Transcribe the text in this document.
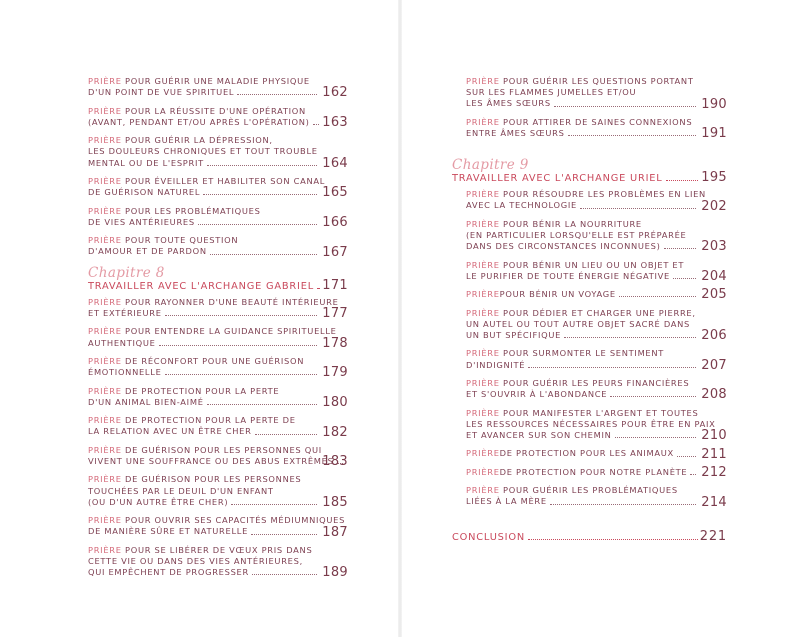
PRIÈRE POUR GUÉRIR UNE MALADIE PHYSIQUE
D'UN POINT DE VUE SPIRITUEL	162
PRIÈRE POUR LA RÉUSSITE D'UNE OPÉRATION
(AVANT, PENDANT ET/OU APRÈS L'OPÉRATION) 163
PRIÈRE POUR GUÉRIR LA DÉPRESSION,
LES DOULEURS CHRONIQUES ET TOUT TROUBLE
MENTAL OU DE L'ESPRIT	164
PRIÈRE POUR ÉVEILLER ET HABILITER SON CANAL
DE GUÉRISON NATUREL	165
PRIÈRE POUR LES PROBLÉMATIQUES
DE VIES ANTÉRIEURES	166
PRIÈRE POUR TOUTE QUESTION
D'AMOUR ET DE PARDON	167
Chapitre 8
TRAVAILLER AVEC L'ARCHANGE GABRIEL 171
PRIÈRE POUR RAYONNER D'UNE BEAUTÉ INTÉRIEURE
ET EXTÉRIEURE	177
PRIÈRE POUR ENTENDRE LA GUIDANCE SPIRITUELLE
AUTHENTIQUE	178
PRIÈRE DE RÉCONFORT POUR UNE GUÉRISON
ÉMOTIONNELLE	179
PRIÈRE DE PROTECTION POUR LA PERTE
D'UN ANIMAL BIEN-AIMÉ	180
PRIÈRE DE PROTECTION POUR LA PERTE DE
LA RELATION AVEC UN ÊTRE CHER	182
PRIÈRE DE GUÉRISON POUR LES PERSONNES QUI
VIVENT UNE SOUFFRANCE OU DES ABUS EXTRÊMES
183
PRIÈRE DE GUÉRISON POUR LES PERSONNES
TOUCHÉES PAR LE DEUIL D'UN ENFANT
(OU D'UN AUTRE ÊTRE CHER)	185
PRIÈRE POUR OUVRIR SES CAPACITÉS MÉDIUMNIQUES
DE MANIÈRE SÛRE ET NATURELLE	187
PRIÈRE POUR SE LIBÉRER DE VŒUX PRIS DANS
CETTE VIE OU DANS DES VIES ANTÉRIEURES,
QUI EMPÊCHENT DE PROGRESSER	189
PRIÈRE POUR GUÉRIR LES QUESTIONS PORTANT
SUR LES FLAMMES JUMELLES ET/OU
LES ÂMES SŒURS	190
PRIÈRE POUR ATTIRER DE SAINES CONNEXIONS
ENTRE ÂMES SŒURS	191
Chapitre 9
TRAVAILLER AVEC L'ARCHANGE URIEL	195
PRIÈRE POUR RÉSOUDRE LES PROBLÈMES EN LIEN
AVEC LA TECHNOLOGIE	202
PRIÈRE POUR BÉNIR LA NOURRITURE
(EN PARTICULIER LORSQU'ELLE EST PRÉPARÉE
DANS DES CIRCONSTANCES INCONNUES)	203
PRIÈRE POUR BÉNIR UN LIEU OU UN OBJET ET
LE PURIFIER DE TOUTE ÉNERGIE NÉGATIVE 204
PRIÈRE POUR BÉNIR UN VOYAGE	205
PRIÈRE POUR DÉDIER ET CHARGER UNE PIERRE,
UN AUTEL OU TOUT AUTRE OBJET SACRÉ DANS
UN BUT SPÉCIFIQUE	206
PRIÈRE POUR SURMONTER LE SENTIMENT
D'INDIGNITÉ	207
PRIÈRE POUR GUÉRIR LES PEURS FINANCIÈRES
ET S'OUVRIR À L'ABONDANCE	208
PRIÈRE POUR MANIFESTER L'ARGENT ET TOUTES
LES RESSOURCES NÉCESSAIRES POUR ÊTRE EN PAIX
ET AVANCER SUR SON CHEMIN	210
PRIÈRE DE PROTECTION POUR LES ANIMAUX 211
PRIÈRE DE PROTECTION POUR NOTRE PLANÈTE 212
PRIÈRE POUR GUÉRIR LES PROBLÉMATIQUES
LIÉES À LA MÈRE	214
CONCLUSION	221
